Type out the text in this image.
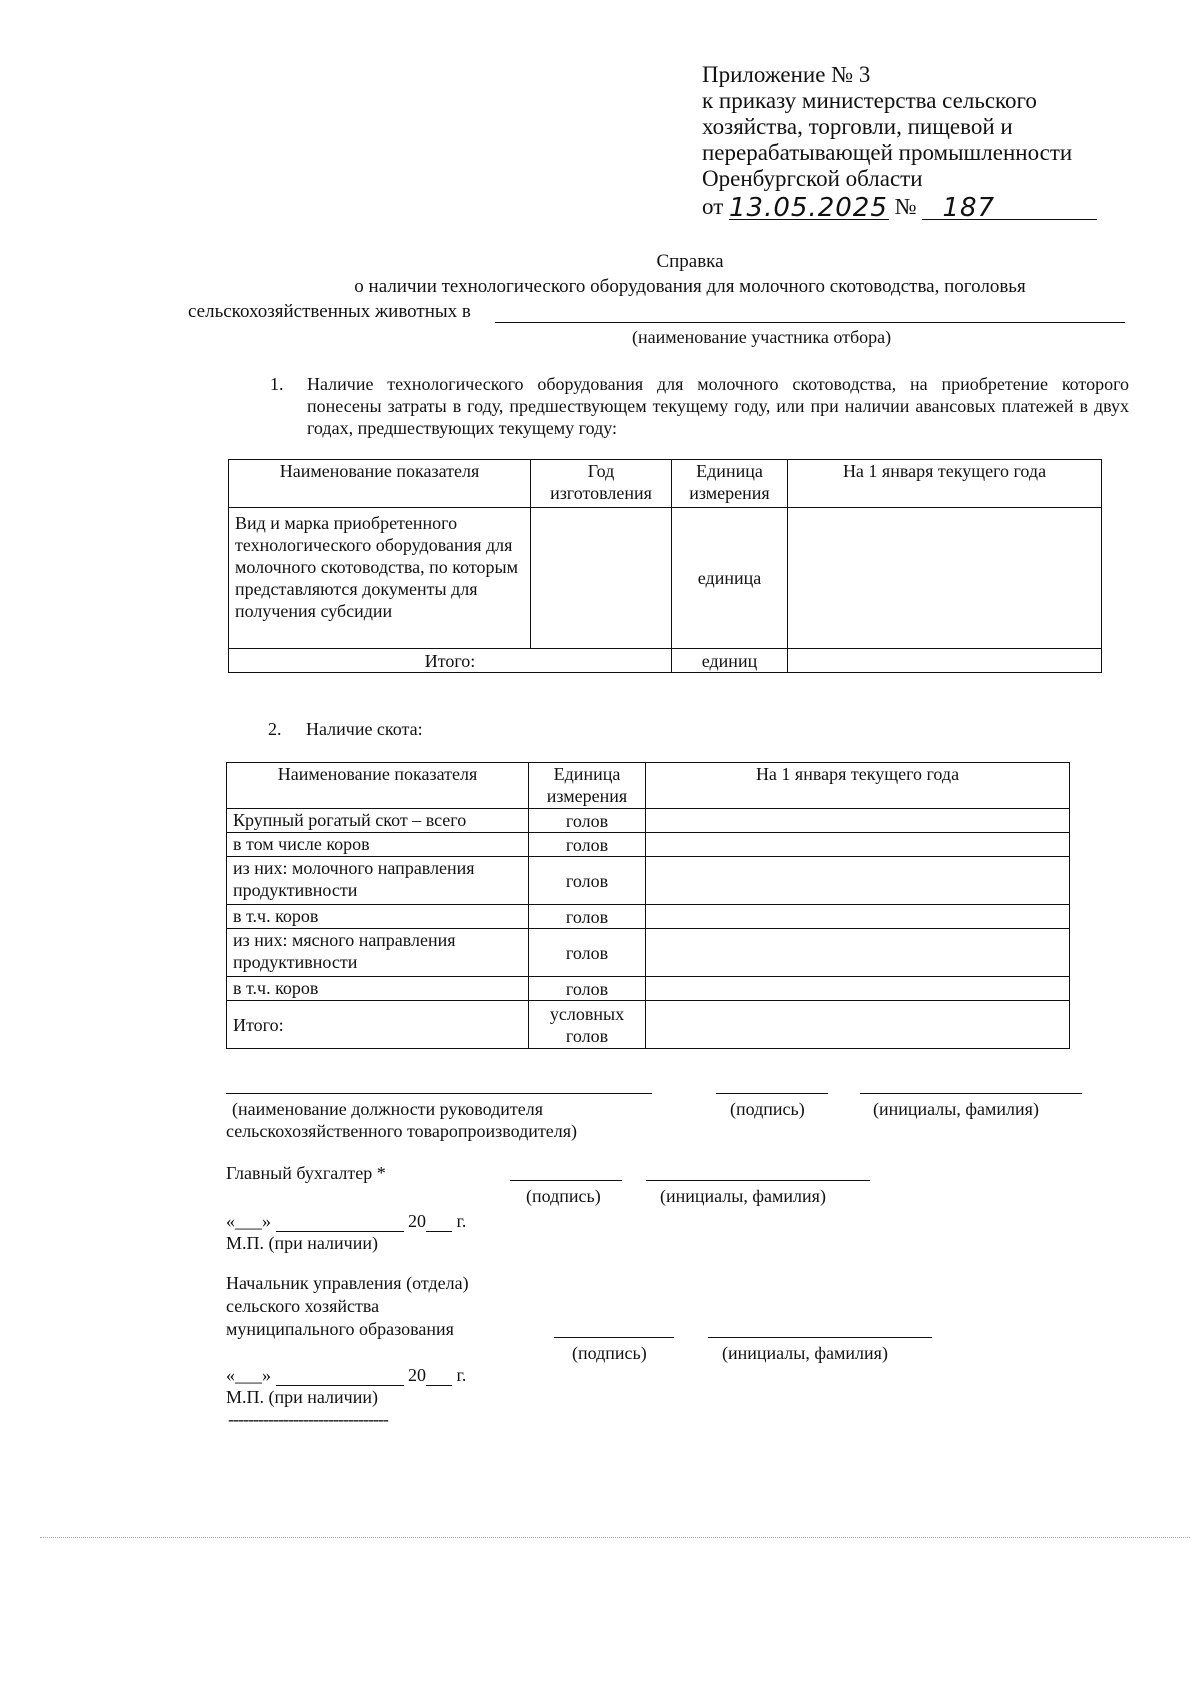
Приложение № 3
к приказу министерства сельского
хозяйства, торговли, пищевой и
перерабатывающей промышленности
Оренбургской области
от 13.05.2025 № 187
Справка
о наличии технологического оборудования для молочного скотоводства, поголовья
сельскохозяйственных животных в
(наименование участника отбора)
1. Наличие технологического оборудования для молочного скотоводства, на приобретение которого понесены затраты в году, предшествующем текущему году, или при наличии авансовых платежей в двух годах, предшествующих текущему году:
Наименование показателя	Год изготовления	Единица измерения	На 1 января текущего года
Вид и марка приобретенного технологического оборудования для молочного скотоводства, по которым представляются документы для получения субсидии		единица	
Итого:		единиц	
2. Наличие скота:
Наименование показателя	Единица измерения	На 1 января текущего года
Крупный рогатый скот – всего	голов	
в том числе коров	голов	
из них: молочного направления продуктивности	голов	
в т.ч. коров	голов	
из них: мясного направления продуктивности	голов	
в т.ч. коров	голов	
Итого:	условных голов	
(наименование должности руководителя сельскохозяйственного товаропроизводителя)
(подпись)	(инициалы, фамилия)
Главный бухгалтер *
(подпись)	(инициалы, фамилия)
«___»	20 г.
М.П. (при наличии)
Начальник управления (отдела)
сельского хозяйства
муниципального образования
(подпись)	(инициалы, фамилия)
«___»	20 г.
М.П. (при наличии)
--------------------------------
